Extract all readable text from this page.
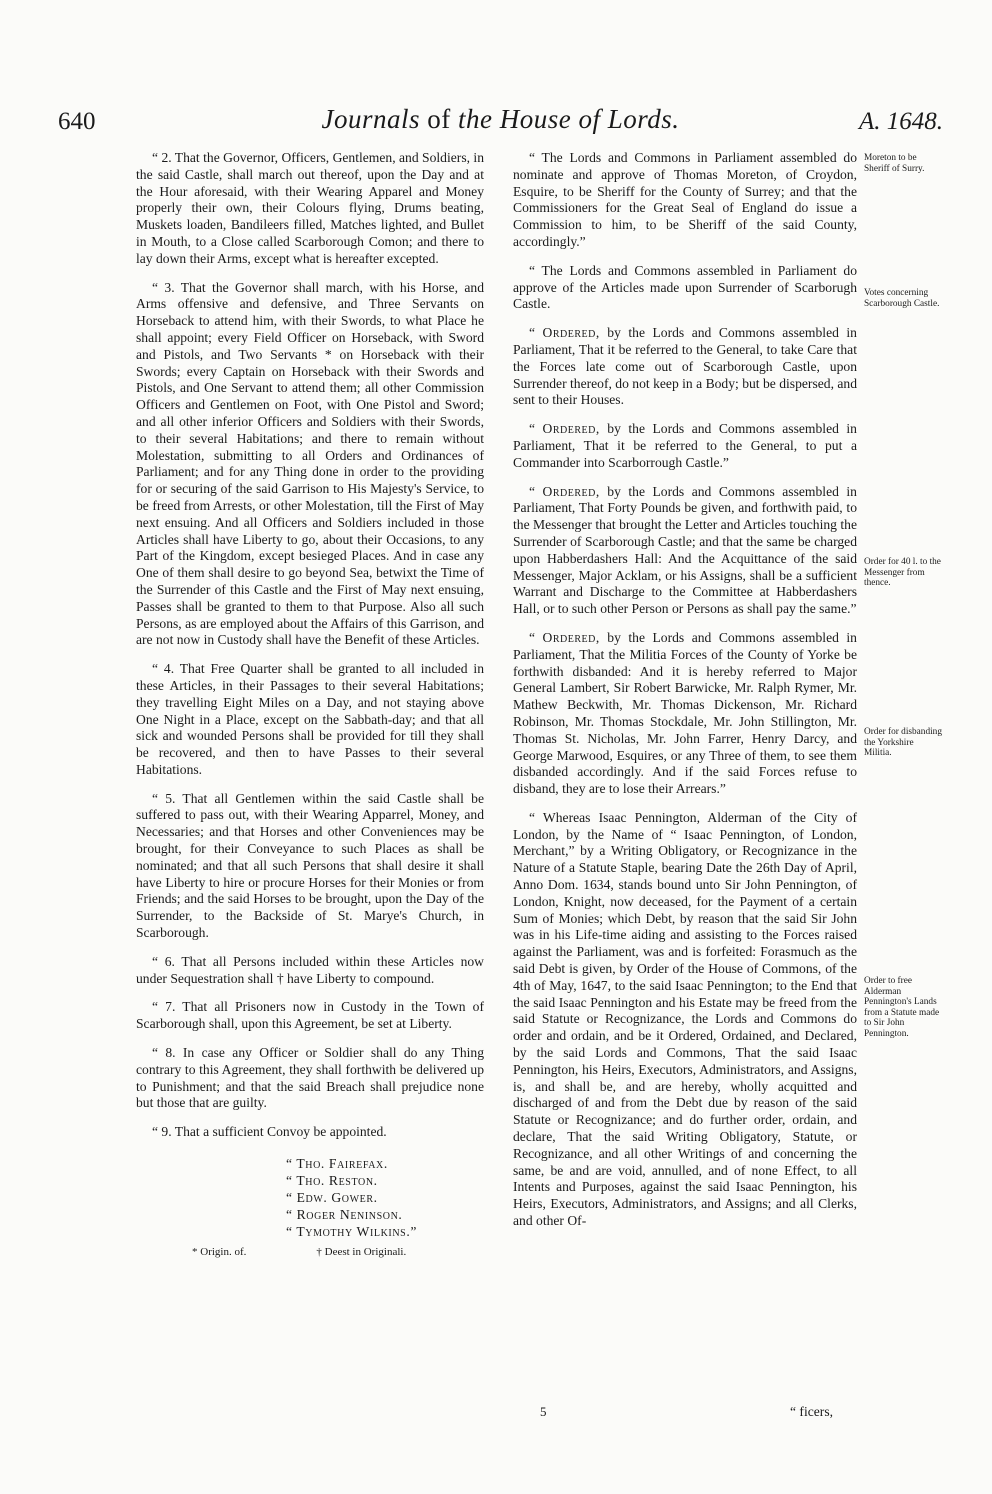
640	Journals of the House of Lords.	A. 1648.

“ 2. That the Governor, Officers, Gentlemen, and Soldiers, in the said Castle, shall march out thereof, upon the Day and at the Hour aforesaid, with their Wearing Apparel and Money properly their own, their Colours flying, Drums beating, Muskets loaden, Bandileers filled, Matches lighted, and Bullet in Mouth, to a Close called Scarborough Comon; and there to lay down their Arms, except what is hereafter excepted.

“ 3. That the Governor shall march, with his Horse, and Arms offensive and defensive, and Three Servants on Horseback to attend him, with their Swords, to what Place he shall appoint; every Field Officer on Horseback, with Sword and Pistols, and Two Servants * on Horseback with their Swords; every Captain on Horseback with their Swords and Pistols, and One Servant to attend them; all other Commission Officers and Gentlemen on Foot, with One Pistol and Sword; and all other inferior Officers and Soldiers with their Swords, to their several Habitations; and there to remain without Molestation, submitting to all Orders and Ordinances of Parliament; and for any Thing done in order to the providing for or securing of the said Garrison to His Majesty's Service, to be freed from Arrests, or other Molestation, till the First of May next ensuing. And all Officers and Soldiers included in those Articles shall have Liberty to go, about their Occasions, to any Part of the Kingdom, except besieged Places. And in case any One of them shall desire to go beyond Sea, betwixt the Time of the Surrender of this Castle and the First of May next ensuing, Passes shall be granted to them to that Purpose. Also all such Persons, as are employed about the Affairs of this Garrison, and are not now in Custody shall have the Benefit of these Articles.

“ 4. That Free Quarter shall be granted to all included in these Articles, in their Passages to their several Habitations; they travelling Eight Miles on a Day, and not staying above One Night in a Place, except on the Sabbath-day; and that all sick and wounded Persons shall be provided for till they shall be recovered, and then to have Passes to their several Habitations.

“ 5. That all Gentlemen within the said Castle shall be suffered to pass out, with their Wearing Apparrel, Money, and Necessaries; and that Horses and other Conveniences may be brought, for their Conveyance to such Places as shall be nominated; and that all such Persons that shall desire it shall have Liberty to hire or procure Horses for their Monies or from Friends; and the said Horses to be brought, upon the Day of the Surrender, to the Backside of St. Marye's Church, in Scarborough.

“ 6. That all Persons included within these Articles now under Sequestration shall † have Liberty to compound.

“ 7. That all Prisoners now in Custody in the Town of Scarborough shall, upon this Agreement, be set at Liberty.

“ 8. In case any Officer or Soldier shall do any Thing contrary to this Agreement, they shall forthwith be delivered up to Punishment; and that the said Breach shall prejudice none but those that are guilty.

“ 9. That a sufficient Convoy be appointed.

“ Tho. Fairefax.
“ Tho. Reston.
“ Edw. Gower.
“ Roger Neninson.
“ Tymothy Wilkins.”
* Origin. of.	† Deest in Originali.

“ The Lords and Commons in Parliament assembled do nominate and approve of Thomas Moreton, of Croydon, Esquire, to be Sheriff for the County of Surrey; and that the Commissioners for the Great Seal of England do issue a Commission to him, to be Sheriff of the said County, accordingly.”

“ The Lords and Commons assembled in Parliament do approve of the Articles made upon Surrender of Scarborugh Castle.

“ Ordered, by the Lords and Commons assembled in Parliament, That it be referred to the General, to take Care that the Forces late come out of Scarborough Castle, upon Surrender thereof, do not keep in a Body; but be dispersed, and sent to their Houses.

“ Ordered, by the Lords and Commons assembled in Parliament, That it be referred to the General, to put a Commander into Scarborrough Castle.”

“ Ordered, by the Lords and Commons assembled in Parliament, That Forty Pounds be given, and forthwith paid, to the Messenger that brought the Letter and Articles touching the Surrender of Scarborough Castle; and that the same be charged upon Habberdashers Hall: And the Acquittance of the said Messenger, Major Acklam, or his Assigns, shall be a sufficient Warrant and Discharge to the Committee at Habberdashers Hall, or to such other Person or Persons as shall pay the same.”

“ Ordered, by the Lords and Commons assembled in Parliament, That the Militia Forces of the County of Yorke be forthwith disbanded: And it is hereby referred to Major General Lambert, Sir Robert Barwicke, Mr. Ralph Rymer, Mr. Mathew Beckwith, Mr. Thomas Dickenson, Mr. Richard Robinson, Mr. Thomas Stockdale, Mr. John Stillington, Mr. Thomas St. Nicholas, Mr. John Farrer, Henry Darcy, and George Marwood, Esquires, or any Three of them, to see them disbanded accordingly. And if the said Forces refuse to disband, they are to lose their Arrears.”

“ Whereas Isaac Pennington, Alderman of the City of London, by the Name of “ Isaac Pennington, of London, Merchant,” by a Writing Obligatory, or Recognizance in the Nature of a Statute Staple, bearing Date the 26th Day of April, Anno Dom. 1634, stands bound unto Sir John Pennington, of London, Knight, now deceased, for the Payment of a certain Sum of Monies; which Debt, by reason that the said Sir John was in his Life-time aiding and assisting to the Forces raised against the Parliament, was and is forfeited: Forasmuch as the said Debt is given, by Order of the House of Commons, of the 4th of May, 1647, to the said Isaac Pennington; to the End that the said Isaac Pennington and his Estate may be freed from the said Statute or Recognizance, the Lords and Commons do order and ordain, and be it Ordered, Ordained, and Declared, by the said Lords and Commons, That the said Isaac Pennington, his Heirs, Executors, Administrators, and Assigns, is, and shall be, and are hereby, wholly acquitted and discharged of and from the Debt due by reason of the said Statute or Recognizance; and do further order, ordain, and declare, That the said Writing Obligatory, Statute, or Recognizance, and all other Writings of and concerning the same, be and are void, annulled, and of none Effect, to all Intents and Purposes, against the said Isaac Pennington, his Heirs, Executors, Administrators, and Assigns; and all Clerks, and other Of-

5	“ ficers,
Moreton to be Sheriff of Surry.
Votes concerning Scarborough Castle.
Order for 40 l. to the Messenger from thence.
Order for disbanding the Yorkshire Militia.
Order to free Alderman Pennington's Lands from a Statute made to Sir John Pennington.
